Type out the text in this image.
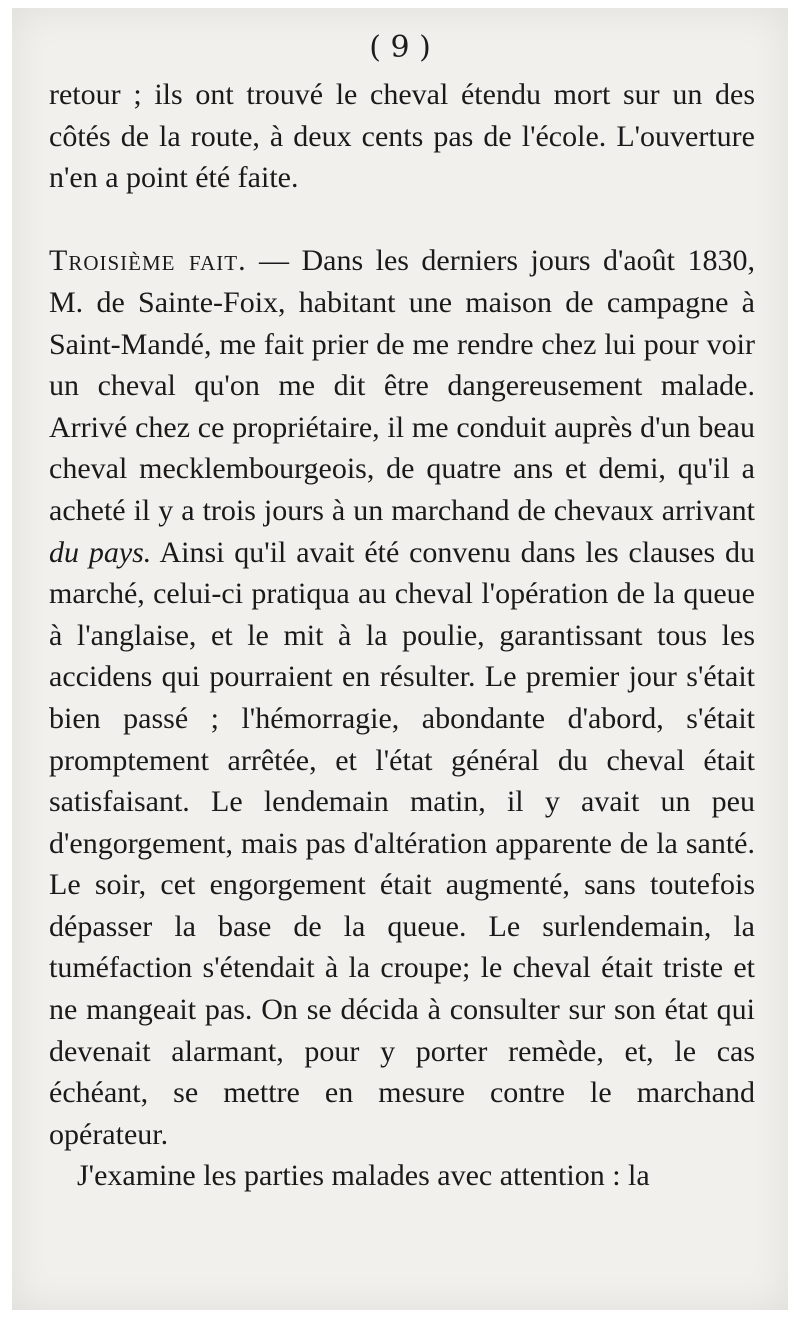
( 9 )

retour ; ils ont trouvé le cheval étendu mort sur un des côtés de la route, à deux cents pas de l'école. L'ouverture n'en a point été faite.

Troisième fait. — Dans les derniers jours d'août 1830, M. de Sainte-Foix, habitant une maison de campagne à Saint-Mandé, me fait prier de me rendre chez lui pour voir un cheval qu'on me dit être dangereusement malade. Arrivé chez ce propriétaire, il me conduit auprès d'un beau cheval mecklembourgeois, de quatre ans et demi, qu'il a acheté il y a trois jours à un marchand de chevaux arrivant du pays. Ainsi qu'il avait été convenu dans les clauses du marché, celui-ci pratiqua au cheval l'opération de la queue à l'anglaise, et le mit à la poulie, garantissant tous les accidens qui pourraient en résulter. Le premier jour s'était bien passé ; l'hémorragie, abondante d'abord, s'était promptement arrêtée, et l'état général du cheval était satisfaisant. Le lendemain matin, il y avait un peu d'engorgement, mais pas d'altération apparente de la santé. Le soir, cet engorgement était augmenté, sans toutefois dépasser la base de la queue. Le surlendemain, la tuméfaction s'étendait à la croupe; le cheval était triste et ne mangeait pas. On se décida à consulter sur son état qui devenait alarmant, pour y porter remède, et, le cas échéant, se mettre en mesure contre le marchand opérateur.

J'examine les parties malades avec attention : la
